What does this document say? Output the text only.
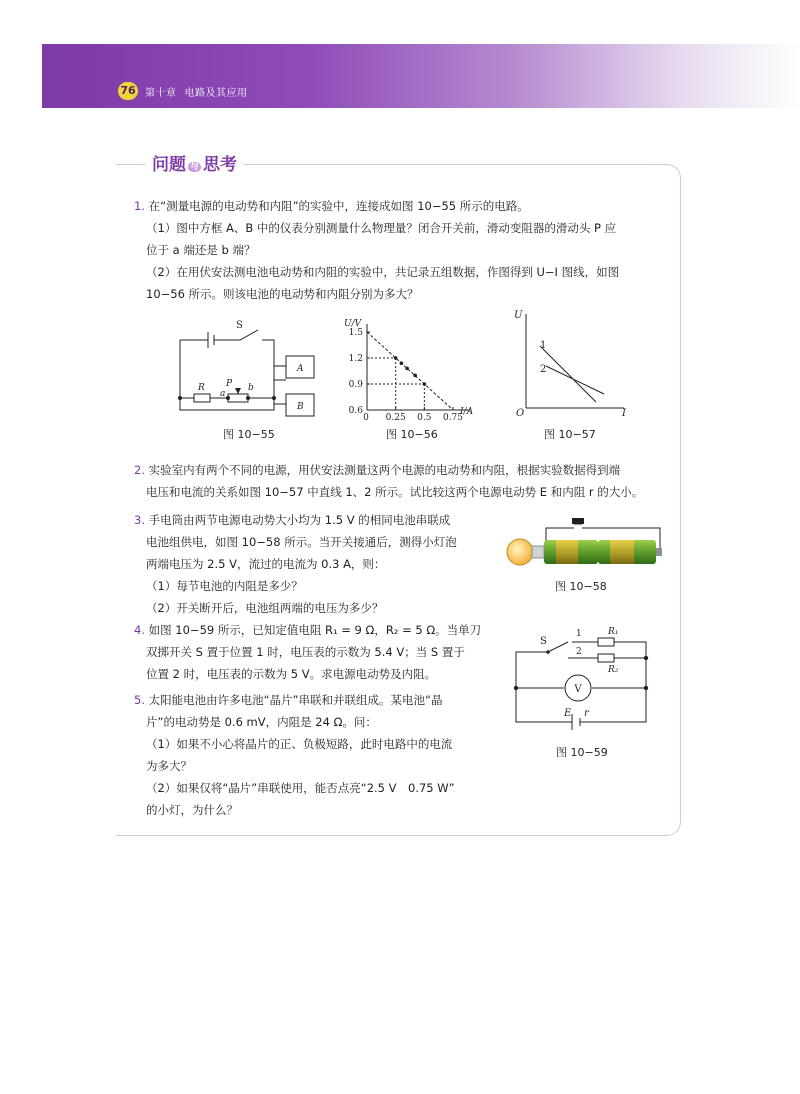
76 第十章 电路及其应用
问题 与 思考
1. 在“测量电源的电动势和内阻”的实验中，连接成如图 10−55 所示的电路。
（1）图中方框 A、B 中的仪表分别测量什么物理量？闭合开关前，滑动变阻器的滑动头 P 应
位于 a 端还是 b 端？
（2）在用伏安法测电池电动势和内阻的实验中，共记录五组数据，作图得到 U−I 图线，如图
10−56 所示。则该电池的电动势和内阻分别为多大？
S
A
B
R P
a
b
图 10−55
U/V
I/A
0
1.5
1.2
0.9
0.6
0.25 0.5 0.75
图 10−56
U
I
O
1
2
图 10−57
2. 实验室内有两个不同的电源，用伏安法测量这两个电源的电动势和内阻，根据实验数据得到端
电压和电流的关系如图 10−57 中直线 1、2 所示。试比较这两个电源电动势 E 和内阻 r 的大小。
3. 手电筒由两节电源电动势大小均为 1.5 V 的相同电池串联成
电池组供电，如图 10−58 所示。当开关接通后，测得小灯泡
两端电压为 2.5 V，流过的电流为 0.3 A，则：
（1）每节电池的内阻是多少？
（2）开关断开后，电池组两端的电压为多少？
图 10−58
4. 如图 10−59 所示，已知定值电阻 R₁ = 9 Ω，R₂ = 5 Ω。当单刀
双掷开关 S 置于位置 1 时，电压表的示数为 5.4 V；当 S 置于
位置 2 时，电压表的示数为 5 V。求电源电动势及内阻。
S
1
2
R₁
R₂
V
E r
图 10−59
5. 太阳能电池由许多电池“晶片”串联和并联组成。某电池“晶
片”的电动势是 0.6 mV，内阻是 24 Ω。问：
（1）如果不小心将晶片的正、负极短路，此时电路中的电流
为多大？
（2）如果仅将“晶片”串联使用，能否点亮“2.5 V　0.75 W”
的小灯，为什么？
